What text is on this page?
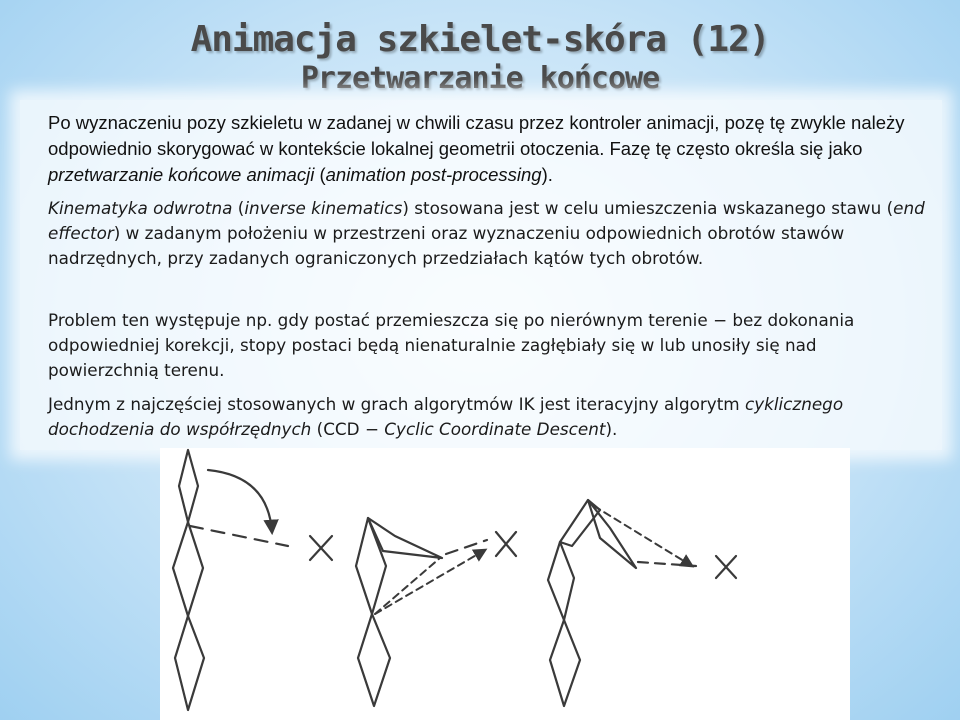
Animacja szkielet-skóra (12)
Przetwarzanie końcowe
Po wyznaczeniu pozy szkieletu w zadanej w chwili czasu przez kontroler animacji, pozę tę zwykle należy odpowiednio skorygować w kontekście lokalnej geometrii otoczenia. Fazę tę często określa się jako przetwarzanie końcowe animacji (animation post-processing).
Kinematyka odwrotna (inverse kinematics) stosowana jest w celu umieszczenia wskazanego stawu (end effector) w zadanym położeniu w przestrzeni oraz wyznaczeniu odpowiednich obrotów stawów nadrzędnych, przy zadanych ograniczonych przedziałach kątów tych obrotów.
Problem ten występuje np. gdy postać przemieszcza się po nierównym terenie − bez dokonania odpowiedniej korekcji, stopy postaci będą nienaturalnie zagłębiały się w lub unosiły się nad powierzchnią terenu.
Jednym z najczęściej stosowanych w grach algorytmów IK jest iteracyjny algorytm cyklicznego dochodzenia do współrzędnych (CCD − Cyclic Coordinate Descent).
